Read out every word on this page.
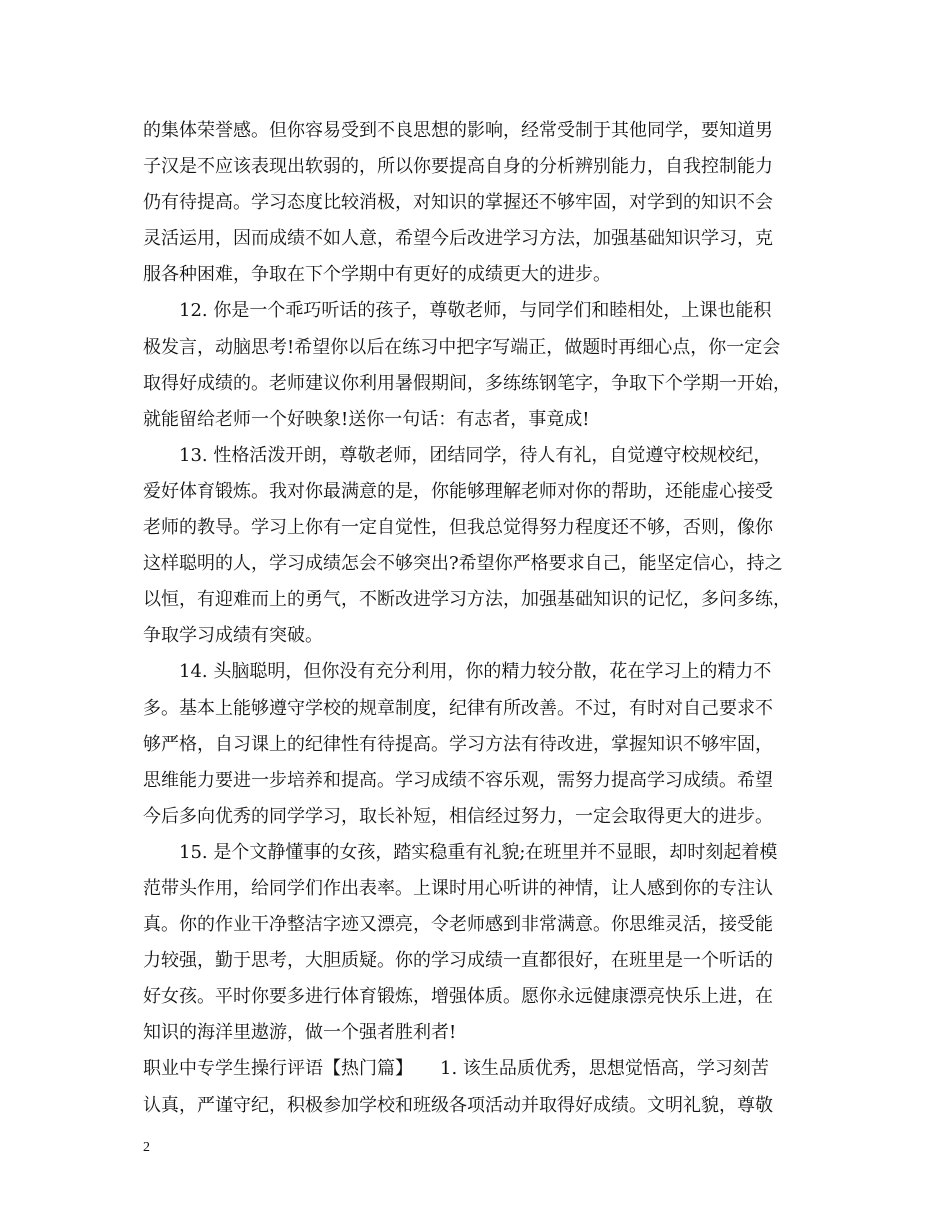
的集体荣誉感。但你容易受到不良思想的影响，经常受制于其他同学，要知道男
子汉是不应该表现出软弱的，所以你要提高自身的分析辨别能力，自我控制能力
仍有待提高。学习态度比较消极，对知识的掌握还不够牢固，对学到的知识不会
灵活运用，因而成绩不如人意，希望今后改进学习方法，加强基础知识学习，克
服各种困难，争取在下个学期中有更好的成绩更大的进步。
12. 你是一个乖巧听话的孩子，尊敬老师，与同学们和睦相处，上课也能积
极发言，动脑思考!希望你以后在练习中把字写端正，做题时再细心点，你一定会
取得好成绩的。老师建议你利用暑假期间，多练练钢笔字，争取下个学期一开始，
就能留给老师一个好映象!送你一句话：有志者，事竟成!
13. 性格活泼开朗，尊敬老师，团结同学，待人有礼，自觉遵守校规校纪，
爱好体育锻炼。我对你最满意的是，你能够理解老师对你的帮助，还能虚心接受
老师的教导。学习上你有一定自觉性，但我总觉得努力程度还不够，否则，像你
这样聪明的人，学习成绩怎会不够突出?希望你严格要求自己，能坚定信心，持之
以恒，有迎难而上的勇气，不断改进学习方法，加强基础知识的记忆，多问多练，
争取学习成绩有突破。
14. 头脑聪明，但你没有充分利用，你的精力较分散，花在学习上的精力不
多。基本上能够遵守学校的规章制度，纪律有所改善。不过，有时对自己要求不
够严格，自习课上的纪律性有待提高。学习方法有待改进，掌握知识不够牢固，
思维能力要进一步培养和提高。学习成绩不容乐观，需努力提高学习成绩。希望
今后多向优秀的同学学习，取长补短，相信经过努力，一定会取得更大的进步。
15. 是个文静懂事的女孩，踏实稳重有礼貌;在班里并不显眼，却时刻起着模
范带头作用，给同学们作出表率。上课时用心听讲的神情，让人感到你的专注认
真。你的作业干净整洁字迹又漂亮，令老师感到非常满意。你思维灵活，接受能
力较强，勤于思考，大胆质疑。你的学习成绩一直都很好，在班里是一个听话的
好女孩。平时你要多进行体育锻炼，增强体质。愿你永远健康漂亮快乐上进，在
知识的海洋里遨游，做一个强者胜利者!
职业中专学生操行评语【热门篇】　　1. 该生品质优秀，思想觉悟高，学习刻苦
认真，严谨守纪，积极参加学校和班级各项活动并取得好成绩。文明礼貌，尊敬
2
